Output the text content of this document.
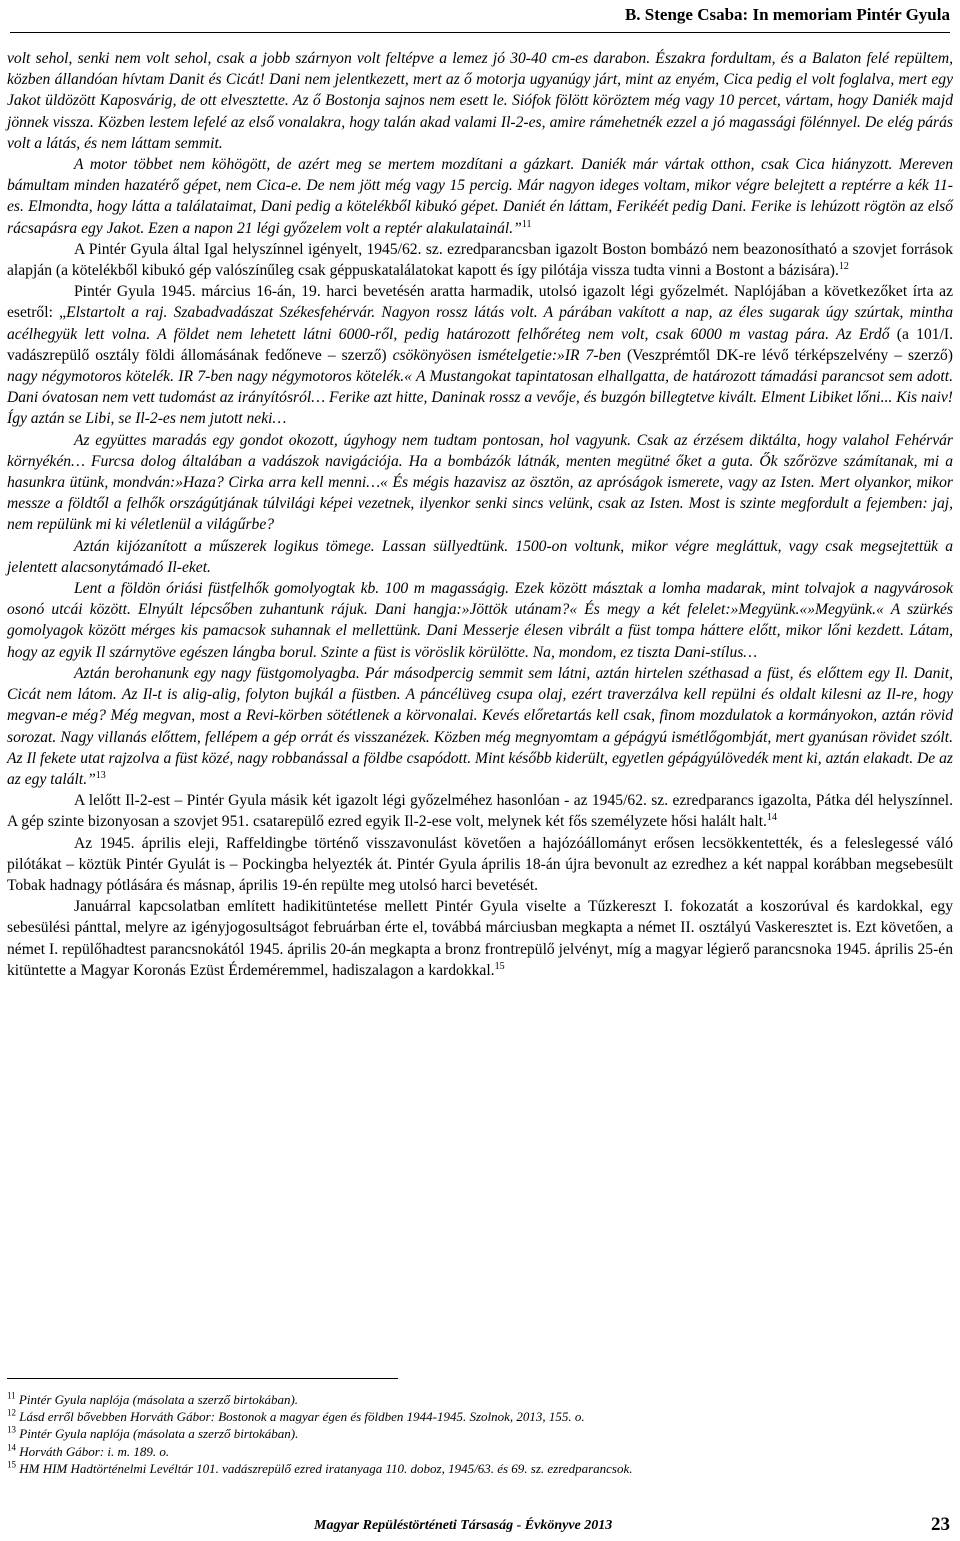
B. Stenge Csaba: In memoriam Pintér Gyula

volt sehol, senki nem volt sehol, csak a jobb szárnyon volt feltépve a lemez jó 30-40 cm-es darabon. Északra fordultam, és a Balaton felé repültem, közben állandóan hívtam Danit és Cicát! Dani nem jelentkezett, mert az ő motorja ugyanúgy járt, mint az enyém, Cica pedig el volt foglalva, mert egy Jakot üldözött Kaposvárig, de ott elvesztette. Az ő Bostonja sajnos nem esett le. Siófok fölött köröztem még vagy 10 percet, vártam, hogy Daniék majd jönnek vissza. Közben lestem lefelé az első vonalakra, hogy talán akad valami Il-2-es, amire rámehetnék ezzel a jó magassági fölénnyel. De elég párás volt a látás, és nem láttam semmit.

A motor többet nem köhögött, de azért meg se mertem mozdítani a gázkart. Daniék már vártak otthon, csak Cica hiányzott. Mereven bámultam minden hazatérő gépet, nem Cica-e. De nem jött még vagy 15 percig. Már nagyon ideges voltam, mikor végre belejtett a reptérre a kék 11-es. Elmondta, hogy látta a találataimat, Dani pedig a kötelékből kibukó gépet. Daniét én láttam, Ferikéét pedig Dani. Ferike is lehúzott rögtön az első rácsapásra egy Jakot. Ezen a napon 21 légi győzelem volt a reptér alakulatainál.”$^{11}$

A Pintér Gyula által Igal helyszínnel igényelt, 1945/62. sz. ezredparancsban igazolt Boston bombázó nem beazonosítható a szovjet források alapján (a kötelékből kibukó gép valószínűleg csak géppuskatalálatokat kapott és így pilótája vissza tudta vinni a Bostont a bázisára).$^{12}$

Pintér Gyula 1945. március 16-án, 19. harci bevetésén aratta harmadik, utolsó igazolt légi győzelmét. Naplójában a következőket írta az esetről: „Elstartolt a raj. Szabadvadászat Székesfehérvár. Nagyon rossz látás volt. A párában vakított a nap, az éles sugarak úgy szúrtak, mintha acélhegyük lett volna. A földet nem lehetett látni 6000-ről, pedig határozott felhőréteg nem volt, csak 6000 m vastag pára. Az Erdő (a 101/I. vadászrepülő osztály földi állomásának fedőneve – szerző) csökönyösen ismételgetie:»IR 7-ben (Veszprémtől DK-re lévő térképszelvény – szerző) nagy négymotoros kötelék. IR 7-ben nagy négymotoros kötelék.« A Mustangokat tapintatosan elhallgatta, de határozott támadási parancsot sem adott. Dani óvatosan nem vett tudomást az irányítósról… Ferike azt hitte, Daninak rossz a vevője, és buzgón billegtetve kivált. Elment Libiket lőni... Kis naiv! Így aztán se Libi, se Il-2-es nem jutott neki…

Az együttes maradás egy gondot okozott, úgyhogy nem tudtam pontosan, hol vagyunk. Csak az érzésem diktálta, hogy valahol Fehérvár környékén… Furcsa dolog általában a vadászok navigációja. Ha a bombázók látnák, menten megütné őket a guta. Ők szőrözve számítanak, mi a hasunkra ütünk, mondván:»Haza? Cirka arra kell menni…« És mégis hazavisz az ösztön, az apróságok ismerete, vagy az Isten. Mert olyankor, mikor messze a földtől a felhők országútjának túlvilági képei vezetnek, ilyenkor senki sincs velünk, csak az Isten. Most is szinte megfordult a fejemben: jaj, nem repülünk mi ki véletlenül a világűrbe?

Aztán kijózanított a műszerek logikus tömege. Lassan süllyedtünk. 1500-on voltunk, mikor végre megláttuk, vagy csak megsejtettük a jelentett alacsonytámadó Il-eket.

Lent a földön óriási füstfelhők gomolyogtak kb. 100 m magasságig. Ezek között másztak a lomha madarak, mint tolvajok a nagyvárosok osonó utcái között. Elnyúlt lépcsőben zuhantunk rájuk. Dani hangja:»Jöttök utánam?« És megy a két felelet:»Megyünk.«»Megyünk.« A szürkés gomolyagok között mérges kis pamacsok suhannak el mellettünk. Dani Messerje élesen vibrált a füst tompa háttere előtt, mikor lőni kezdett. Látam, hogy az egyik Il szárnytöve egészen lángba borul. Szinte a füst is vöröslik körülötte. Na, mondom, ez tiszta Dani-stílus…

Aztán berohanunk egy nagy füstgomolyagba. Pár másodpercig semmit sem látni, aztán hirtelen széthasad a füst, és előttem egy Il. Danit, Cicát nem látom. Az Il-t is alig-alig, folyton bujkál a füstben. A páncélüveg csupa olaj, ezért traverzálva kell repülni és oldalt kilesni az Il-re, hogy megvan-e még? Még megvan, most a Revi-körben sötétlenek a körvonalai. Kevés előretartás kell csak, finom mozdulatok a kormányokon, aztán rövid sorozat. Nagy villanás előttem, fellépem a gép orrát és visszanézek. Közben még megnyomtam a gépágyú ismétlőgombját, mert gyanúsan rövidet szólt. Az Il fekete utat rajzolva a füst közé, nagy robbanással a földbe csapódott. Mint később kiderült, egyetlen gépágyúlövedék ment ki, aztán elakadt. De az az egy talált.”$^{13}$

A lelőtt Il-2-est – Pintér Gyula másik két igazolt légi győzelméhez hasonlóan - az 1945/62. sz. ezredparancs igazolta, Pátka dél helyszínnel. A gép szinte bizonyosan a szovjet 951. csatarepülő ezred egyik Il-2-ese volt, melynek két fős személyzete hősi halált halt.$^{14}$

Az 1945. április eleji, Raffeldingbe történő visszavonulást követően a hajózóállományt erősen lecsökkentették, és a feleslegessé váló pilótákat – köztük Pintér Gyulát is – Pockingba helyezték át. Pintér Gyula április 18-án újra bevonult az ezredhez a két nappal korábban megsebesült Tobak hadnagy pótlására és másnap, április 19-én repülte meg utolsó harci bevetését.

Januárral kapcsolatban említett hadikitüntetése mellett Pintér Gyula viselte a Tűzkereszt I. fokozatát a koszorúval és kardokkal, egy sebesülési pánttal, melyre az igényjogosultságot februárban érte el, továbbá márciusban megkapta a német II. osztályú Vaskeresztet is. Ezt követően, a német I. repülőhadtest parancsnokától 1945. április 20-án megkapta a bronz frontrepülő jelvényt, míg a magyar légierő parancsnoka 1945. április 25-én kitüntette a Magyar Koronás Ezüst Érdeméremmel, hadiszalagon a kardokkal.$^{15}$

$^{11}$ Pintér Gyula naplója (másolata a szerző birtokában).

$^{12}$ Lásd erről bővebben Horváth Gábor: Bostonok a magyar égen és földben 1944-1945. Szolnok, 2013, 155. o.

$^{13}$ Pintér Gyula naplója (másolata a szerző birtokában).

$^{14}$ Horváth Gábor: i. m. 189. o.

$^{15}$ HM HIM Hadtörténelmi Levéltár 101. vadászrepülő ezred iratanyaga 110. doboz, 1945/63. és 69. sz. ezredparancsok.

Magyar Repüléstörténeti Társaság - Évkönyve 2013	23
